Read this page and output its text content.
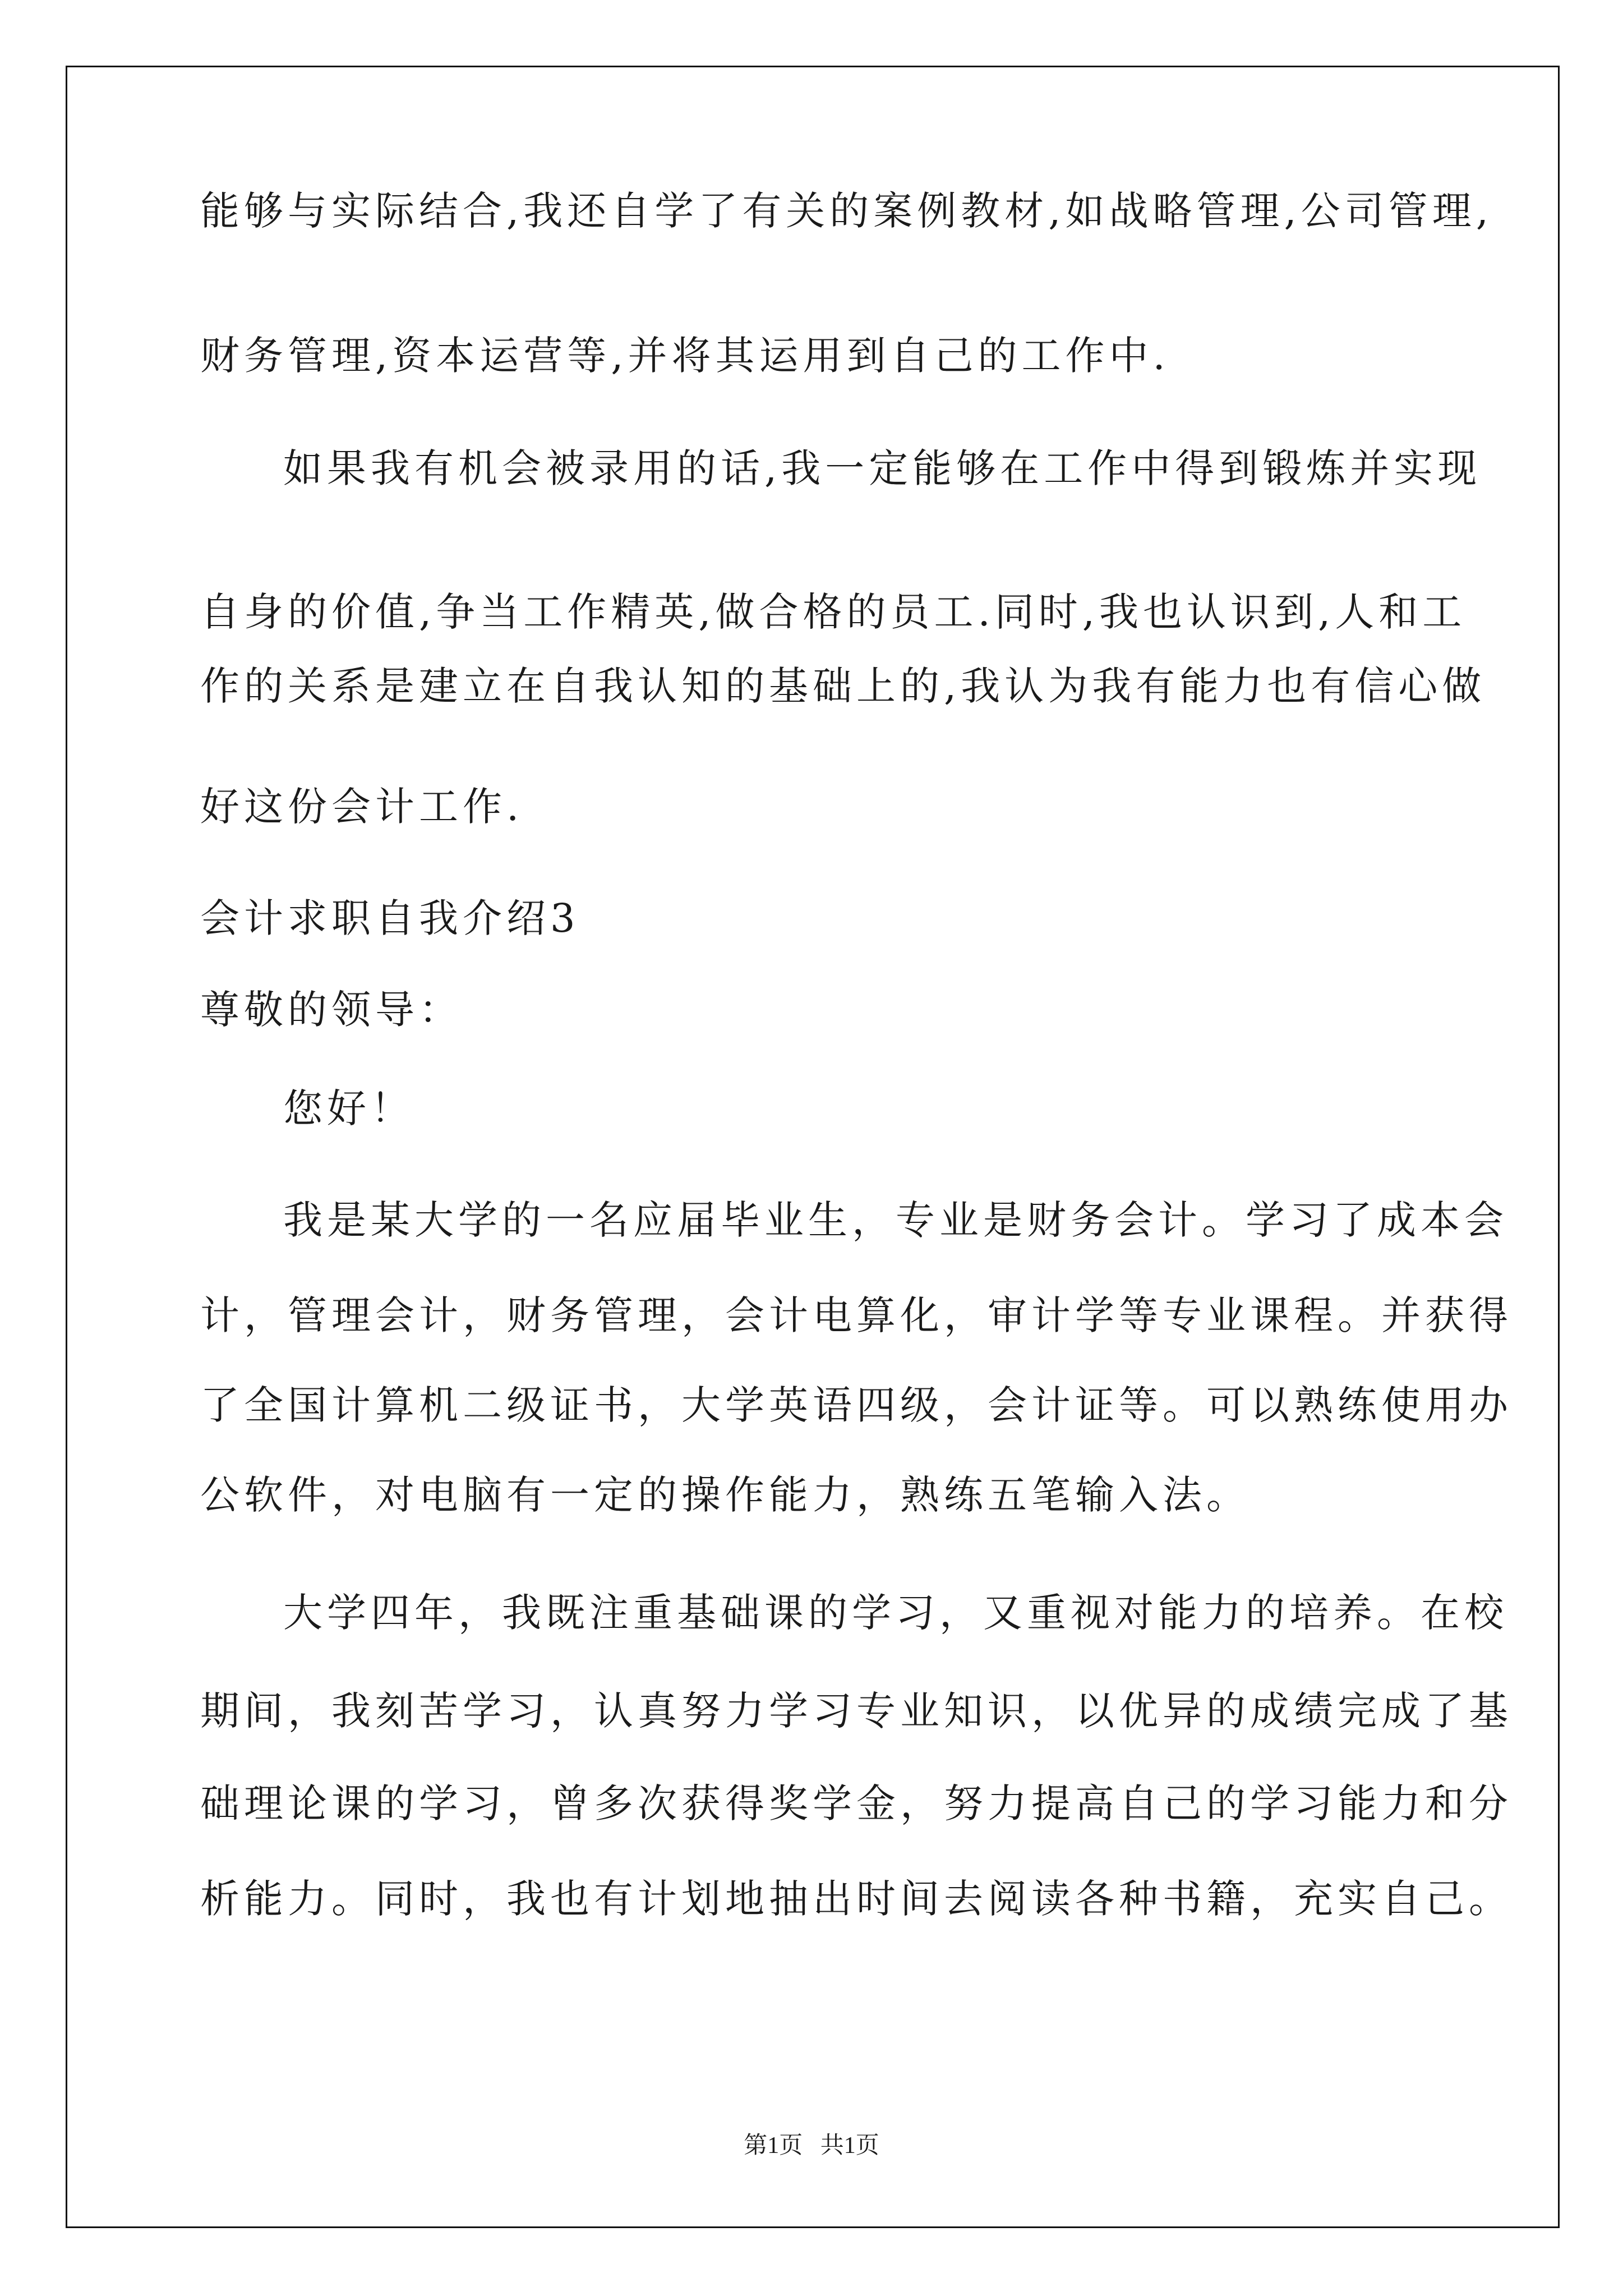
能够与实际结合,我还自学了有关的案例教材,如战略管理,公司管理,
财务管理,资本运营等,并将其运用到自己的工作中.
如果我有机会被录用的话,我一定能够在工作中得到锻炼并实现
自身的价值,争当工作精英,做合格的员工.同时,我也认识到,人和工
作的关系是建立在自我认知的基础上的,我认为我有能力也有信心做
好这份会计工作.
会计求职自我介绍3
尊敬的领导：
您好！
我是某大学的一名应届毕业生，专业是财务会计。学习了成本会
计，管理会计，财务管理，会计电算化，审计学等专业课程。并获得
了全国计算机二级证书，大学英语四级，会计证等。可以熟练使用办
公软件，对电脑有一定的操作能力，熟练五笔输入法。
大学四年，我既注重基础课的学习，又重视对能力的培养。在校
期间，我刻苦学习，认真努力学习专业知识，以优异的成绩完成了基
础理论课的学习，曾多次获得奖学金，努力提高自己的学习能力和分
析能力。同时，我也有计划地抽出时间去阅读各种书籍，充实自己。
第1页   共1页
